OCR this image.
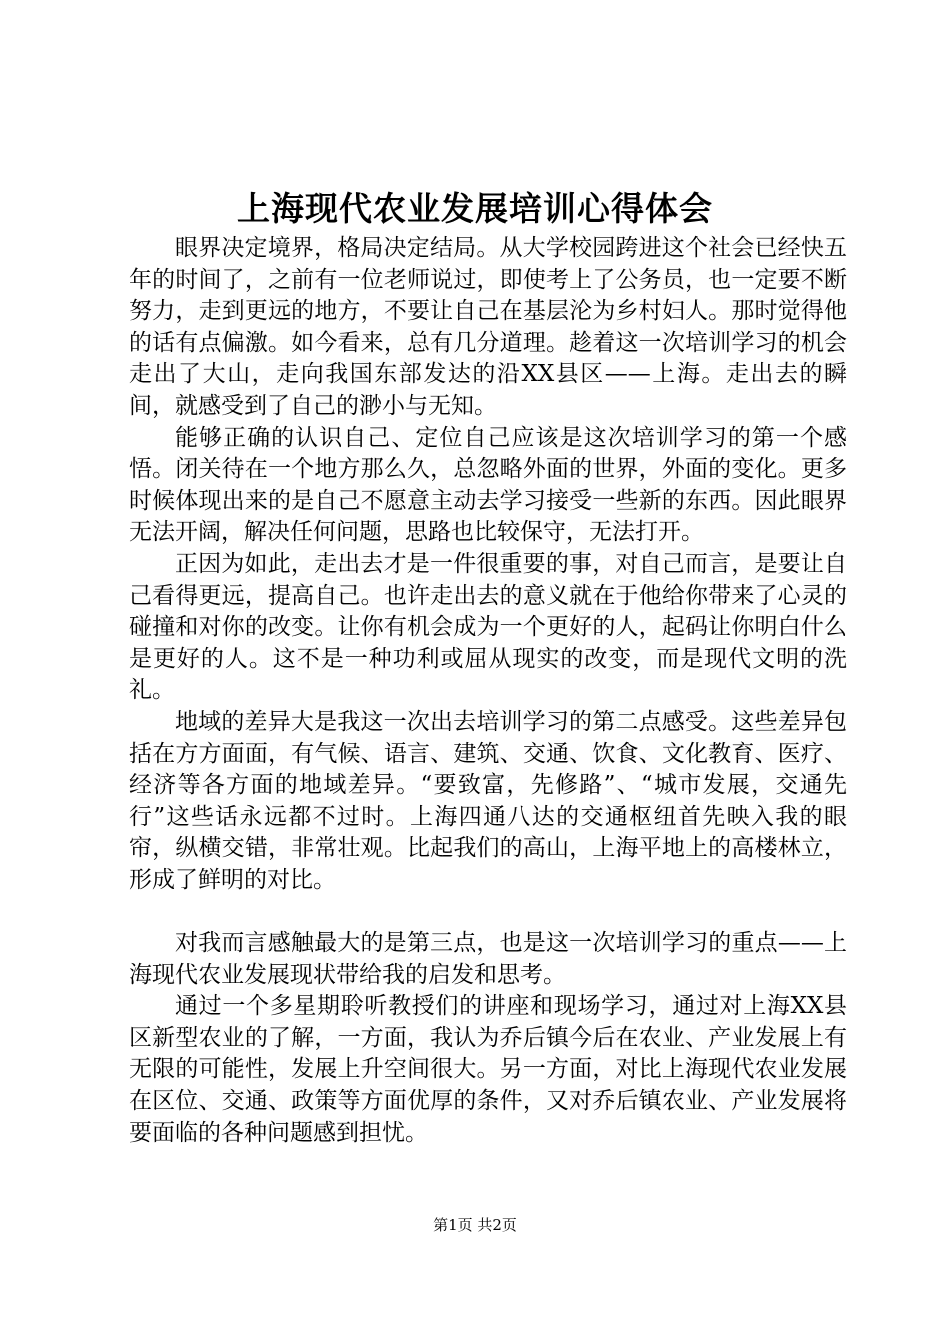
上海现代农业发展培训心得体会

眼界决定境界，格局决定结局。从大学校园跨进这个社会已经快五年的时间了，之前有一位老师说过，即使考上了公务员，也一定要不断努力，走到更远的地方，不要让自己在基层沦为乡村妇人。那时觉得他的话有点偏激。如今看来，总有几分道理。趁着这一次培训学习的机会走出了大山，走向我国东部发达的沿XX县区——上海。走出去的瞬间，就感受到了自己的渺小与无知。

能够正确的认识自己、定位自己应该是这次培训学习的第一个感悟。闭关待在一个地方那么久，总忽略外面的世界，外面的变化。更多时候体现出来的是自己不愿意主动去学习接受一些新的东西。因此眼界无法开阔，解决任何问题，思路也比较保守，无法打开。

正因为如此，走出去才是一件很重要的事，对自己而言，是要让自己看得更远，提高自己。也许走出去的意义就在于他给你带来了心灵的碰撞和对你的改变。让你有机会成为一个更好的人，起码让你明白什么是更好的人。这不是一种功利或屈从现实的改变，而是现代文明的洗礼。

地域的差异大是我这一次出去培训学习的第二点感受。这些差异包括在方方面面，有气候、语言、建筑、交通、饮食、文化教育、医疗、经济等各方面的地域差异。“要致富，先修路”、“城市发展，交通先行”这些话永远都不过时。上海四通八达的交通枢纽首先映入我的眼帘，纵横交错，非常壮观。比起我们的高山，上海平地上的高楼林立，形成了鲜明的对比。

对我而言感触最大的是第三点，也是这一次培训学习的重点——上海现代农业发展现状带给我的启发和思考。

通过一个多星期聆听教授们的讲座和现场学习，通过对上海XX县区新型农业的了解，一方面，我认为乔后镇今后在农业、产业发展上有无限的可能性，发展上升空间很大。另一方面，对比上海现代农业发展在区位、交通、政策等方面优厚的条件，又对乔后镇农业、产业发展将要面临的各种问题感到担忧。

第1页 共2页
